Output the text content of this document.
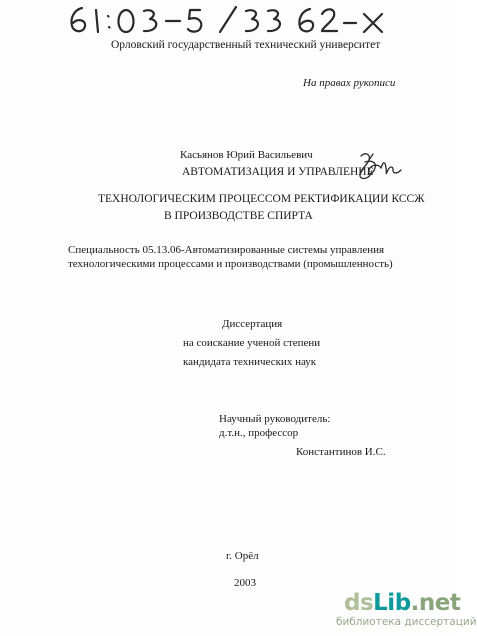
Орловский государственный технический университет
На правах рукописи
Касьянов Юрий Васильевич
АВТОМАТИЗАЦИЯ И УПРАВЛЕНИЕ
ТЕХНОЛОГИЧЕСКИМ ПРОЦЕССОМ РЕКТИФИКАЦИИ КССЖ
В ПРОИЗВОДСТВЕ СПИРТА
Специальность 05.13.06-Автоматизированные системы управления
технологическими процессами и производствами (промышленность)
Диссертация
на соискание ученой степени
кандидата технических наук
Научный руководитель:
д.т.н., профессор
Константинов И.С.
г. Орёл
2003
dsLib.net
библиотека диссертаций
